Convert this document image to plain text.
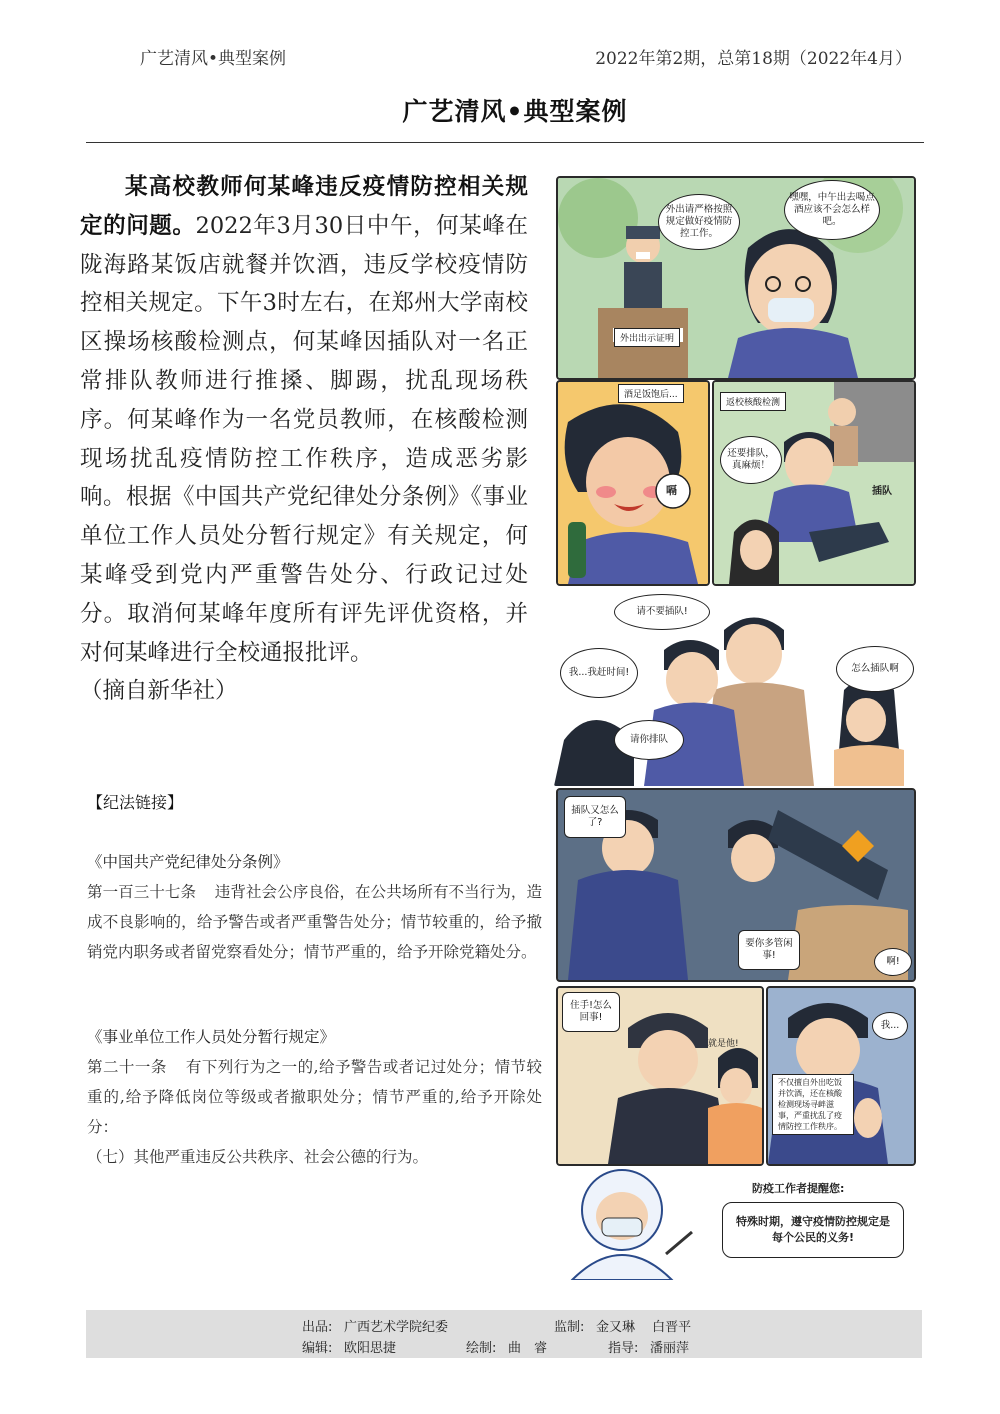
广艺清风•典型案例	2022年第2期，总第18期（2022年4月）
广艺清风•典型案例

某高校教师何某峰违反疫情防控相关规定的问题。2022年3月30日中午，何某峰在陇海路某饭店就餐并饮酒，违反学校疫情防控相关规定。下午3时左右，在郑州大学南校区操场核酸检测点，何某峰因插队对一名正常排队教师进行推搡、脚踢，扰乱现场秩序。何某峰作为一名党员教师，在核酸检测现场扰乱疫情防控工作秩序，造成恶劣影响。根据《中国共产党纪律处分条例》《事业单位工作人员处分暂行规定》有关规定，何某峰受到党内严重警告处分、行政记过处分。取消何某峰年度所有评先评优资格，并对何某峰进行全校通报批评。

（摘自新华社）

【纪法链接】
《中国共产党纪律处分条例》
第一百三十七条 违背社会公序良俗，在公共场所有不当行为，造成不良影响的，给予警告或者严重警告处分；情节较重的，给予撤销党内职务或者留党察看处分；情节严重的，给予开除党籍处分。
《事业单位工作人员处分暂行规定》
第二十一条 有下列行为之一的,给予警告或者记过处分；情节较重的,给予降低岗位等级或者撤职处分；情节严重的,给予开除处分：
（七）其他严重违反公共秩序、社会公德的行为。
外出请严格按照规定做好疫情防控工作。
嘿嘿，中午出去喝点酒应该不会怎么样吧。
外出出示证明
酒足饭饱后...
嗝
返校核酸检测
还要排队，真麻烦！
插队
请不要插队!
我...我赶时间!	怎么插队啊
请你排队
插队又怎么了?
要你多管闲事!
啊!
住手!怎么回事!
就是他!
我...
不仅擅自外出吃饭并饮酒，还在核酸检测现场寻衅滋事，严重扰乱了疫情防控工作秩序。
防疫工作者提醒您:
特殊时期，遵守疫情防控规定是每个公民的义务!
出品: 广西艺术学院纪委	监制: 金又琳　 白晋平
编辑: 欧阳思捷	绘制: 曲　睿	指导: 潘丽萍
